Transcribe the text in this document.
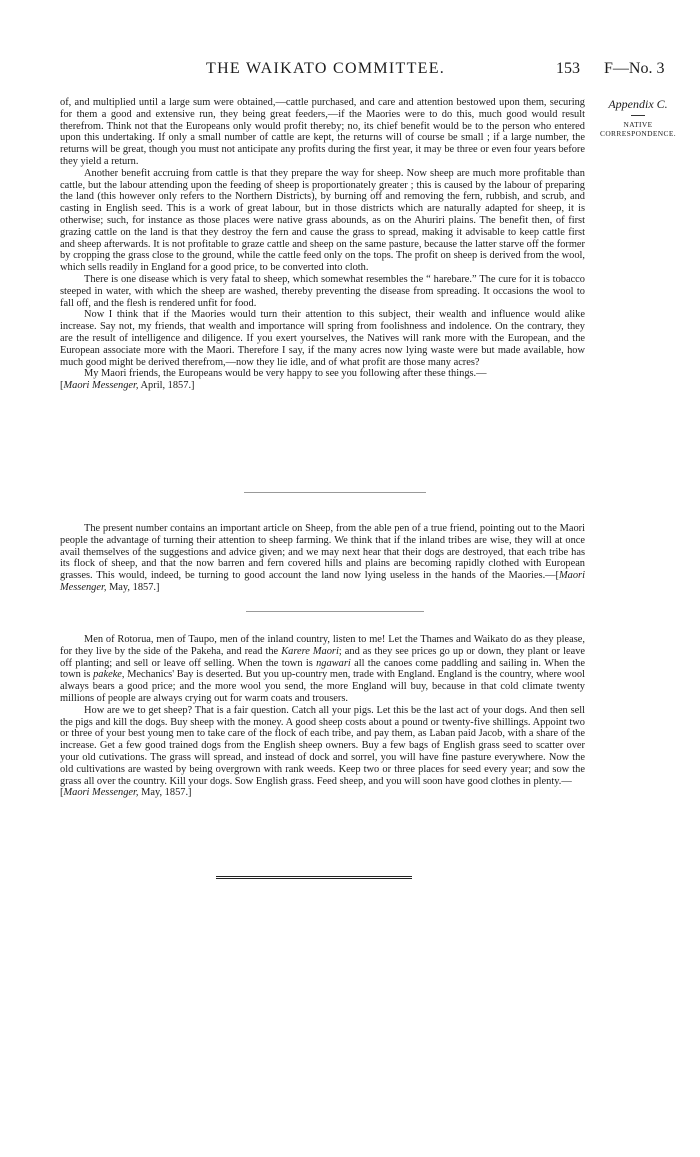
THE WAIKATO COMMITTEE.	153 F—No. 3
Appendix C.
NATIVE CORRESPONDENCE.

of, and multiplied until a large sum were obtained,—cattle purchased, and care and attention bestowed upon them, securing for them a good and extensive run, they being great feeders,—if the Maories were to do this, much good would result therefrom. Think not that the Europeans only would profit thereby; no, its chief benefit would be to the person who entered upon this undertaking. If only a small number of cattle are kept, the returns will of course be small ; if a large number, the returns will be great, though you must not anticipate any profits during the first year, it may be three or even four years before they yield a return.

Another benefit accruing from cattle is that they prepare the way for sheep. Now sheep are much more profitable than cattle, but the labour attending upon the feeding of sheep is proportionately greater ; this is caused by the labour of preparing the land (this however only refers to the Northern Districts), by burning off and removing the fern, rubbish, and scrub, and casting in English seed. This is a work of great labour, but in those districts which are naturally adapted for sheep, it is otherwise; such, for instance as those places were native grass abounds, as on the Ahuriri plains. The benefit then, of first grazing cattle on the land is that they destroy the fern and cause the grass to spread, making it advisable to keep cattle first and sheep afterwards. It is not profitable to graze cattle and sheep on the same pasture, because the latter starve off the former by cropping the grass close to the ground, while the cattle feed only on the tops. The profit on sheep is derived from the wool, which sells readily in England for a good price, to be converted into cloth.

There is one disease which is very fatal to sheep, which somewhat resembles the “ harebare.” The cure for it is tobacco steeped in water, with which the sheep are washed, thereby preventing the disease from spreading. It occasions the wool to fall off, and the flesh is rendered unfit for food.

Now I think that if the Maories would turn their attention to this subject, their wealth and influence would alike increase. Say not, my friends, that wealth and importance will spring from foolishness and indolence. On the contrary, they are the result of intelligence and diligence. If you exert yourselves, the Natives will rank more with the European, and the European associate more with the Maori. Therefore I say, if the many acres now lying waste were but made available, how much good might be derived therefrom,—now they lie idle, and of what profit are those many acres?

My Maori friends, the Europeans would be very happy to see you following after these things.—

[Maori Messenger, April, 1857.]

The present number contains an important article on Sheep, from the able pen of a true friend, pointing out to the Maori people the advantage of turning their attention to sheep farming. We think that if the inland tribes are wise, they will at once avail themselves of the suggestions and advice given; and we may next hear that their dogs are destroyed, that each tribe has its flock of sheep, and that the now barren and fern covered hills and plains are becoming rapidly clothed with European grasses. This would, indeed, be turning to good account the land now lying useless in the hands of the Maories.—[Maori Messenger, May, 1857.]

Men of Rotorua, men of Taupo, men of the inland country, listen to me! Let the Thames and Waikato do as they please, for they live by the side of the Pakeha, and read the Karere Maori; and as they see prices go up or down, they plant or leave off planting; and sell or leave off selling. When the town is ngawari all the canoes come paddling and sailing in. When the town is pakeke, Mechanics' Bay is deserted. But you up-country men, trade with England. England is the country, where wool always bears a good price; and the more wool you send, the more England will buy, because in that cold climate twenty millions of people are always crying out for warm coats and trousers.

How are we to get sheep? That is a fair question. Catch all your pigs. Let this be the last act of your dogs. And then sell the pigs and kill the dogs. Buy sheep with the money. A good sheep costs about a pound or twenty-five shillings. Appoint two or three of your best young men to take care of the flock of each tribe, and pay them, as Laban paid Jacob, with a share of the increase. Get a few good trained dogs from the English sheep owners. Buy a few bags of English grass seed to scatter over your old cutivations. The grass will spread, and instead of dock and sorrel, you will have fine pasture everywhere. Now the old cultivations are wasted by being overgrown with rank weeds. Keep two or three places for seed every year; and sow the grass all over the country. Kill your dogs. Sow English grass. Feed sheep, and you will soon have good clothes in plenty.—

[Maori Messenger, May, 1857.]
